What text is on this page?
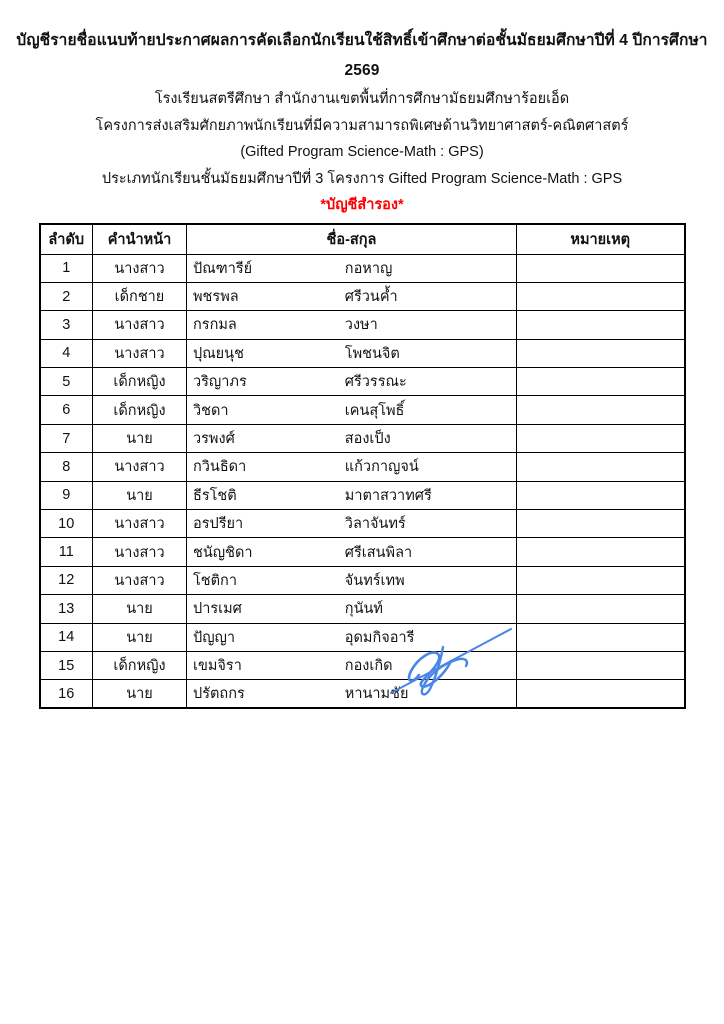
บัญชีรายชื่อแนบท้ายประกาศผลการคัดเลือกนักเรียนใช้สิทธิ์เข้าศึกษาต่อชั้นมัธยมศึกษาปีที่ 4 ปีการศึกษา 2569
โรงเรียนสตรีศึกษา สำนักงานเขตพื้นที่การศึกษามัธยมศึกษาร้อยเอ็ด
โครงการส่งเสริมศักยภาพนักเรียนที่มีความสามารถพิเศษด้านวิทยาศาสตร์-คณิตศาสตร์
(Gifted Program Science-Math : GPS)
ประเภทนักเรียนชั้นมัธยมศึกษาปีที่ 3 โครงการ Gifted Program Science-Math : GPS
*บัญชีสำรอง*
ลำดับ	คำนำหน้า	ชื่อ-สกุล	หมายเหตุ
1	นางสาว	ปัณฑารีย์ กอหาญ	
2	เด็กชาย	พชรพล ศรีวนค้ำ	
3	นางสาว	กรกมล วงษา	
4	นางสาว	ปุณยนุช โพชนจิต	
5	เด็กหญิง	วริญาภร ศรีวรรณะ	
6	เด็กหญิง	วิชดา เคนสุโพธิ์	
7	นาย	วรพงศ์ สองเป็ง	
8	นางสาว	กวินธิดา แก้วกาญจน์	
9	นาย	ธีรโชติ มาตาสวาทศรี	
10	นางสาว	อรปรียา วิลาจันทร์	
11	นางสาว	ชนัญชิดา ศรีเสนพิลา	
12	นางสาว	โชติกา จันทร์เทพ	
13	นาย	ปารเมศ กุนันท์	
14	นาย	ปัญญา อุดมกิจอารี	
15	เด็กหญิง	เขมจิรา กองเกิด	
16	นาย	ปรัตถกร หานามชัย	
